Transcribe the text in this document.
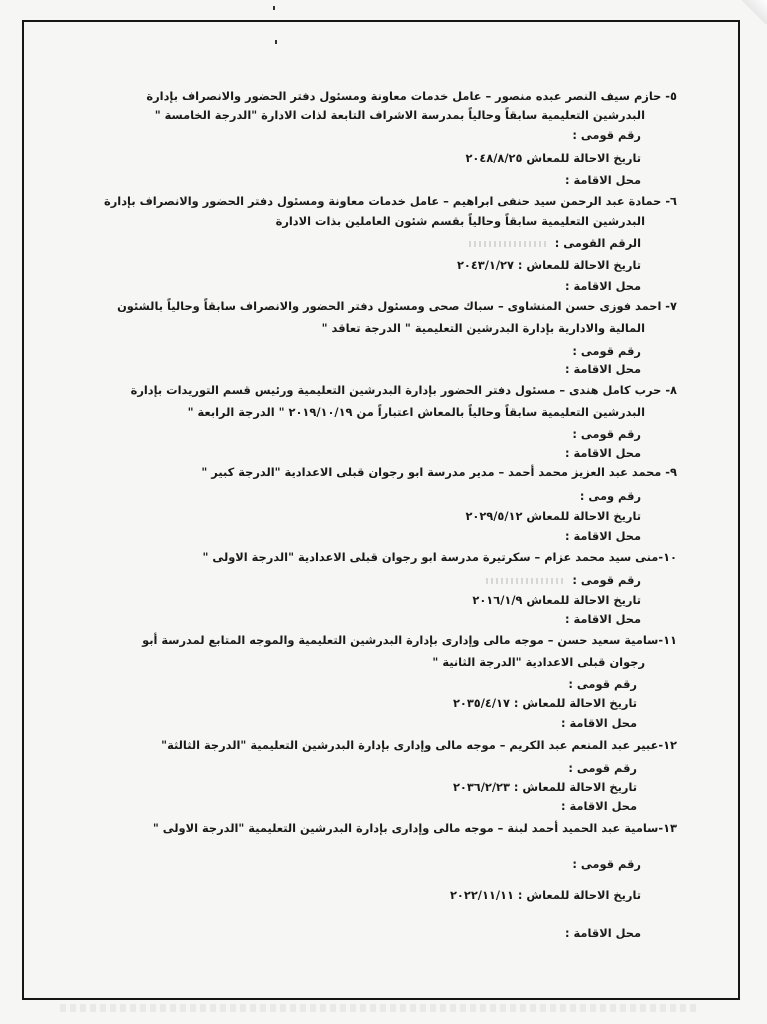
٥- حازم سيف النصر عبده منصور – عامل خدمات معاونة ومسئول دفتر الحضور والانصراف بإدارة
البدرشين التعليمية سابقاً وحالياً بمدرسة الاشراف التابعة لذات الادارة "الدرجة الخامسة "
رقم قومى :
تاريخ الاحالة للمعاش ٢٠٤٨/٨/٢٥
محل الاقامة :
٦- حمادة عبد الرحمن سيد حنفى ابراهيم – عامل خدمات معاونة ومسئول دفتر الحضور والانصراف بإدارة
البدرشين التعليمية سابقاً وحالياً بقسم شئون العاملين بذات الادارة
الرقم القومى :
تاريخ الاحالة للمعاش : ٢٠٤٣/١/٢٧
محل الاقامة :
٧- احمد فوزى حسن المنشاوى – سباك صحى ومسئول دفتر الحضور والانصراف سابقاً وحالياً بالشئون
المالية والادارية بإدارة البدرشين التعليمية " الدرجة تعاقد "
رقم قومى :
محل الاقامة :
٨- حرب كامل هندى – مسئول دفتر الحضور بإدارة البدرشين التعليمية ورئيس قسم التوريدات بإدارة
البدرشين التعليمية سابقاً وحالياً بالمعاش اعتباراً من ٢٠١٩/١٠/١٩ " الدرجة الرابعة "
رقم قومى :
محل الاقامة :
٩- محمد عبد العزيز محمد أحمد – مدير مدرسة ابو رجوان قبلى الاعدادية "الدرجة كبير "
رقم ومى :
تاريخ الاحالة للمعاش ٢٠٢٩/٥/١٢
محل الاقامة :
١٠-منى سيد محمد عزام – سكرتيرة مدرسة ابو رجوان قبلى الاعدادية "الدرجة الاولى "
رقم قومى :
تاريخ الاحالة للمعاش ٢٠١٦/١/٩
محل الاقامة :
١١-سامية سعيد حسن – موجه مالى وإدارى بإدارة البدرشين التعليمية والموجه المتابع لمدرسة أبو
رجوان قبلى الاعدادية "الدرجة الثانية "
رقم قومى :
تاريخ الاحالة للمعاش : ٢٠٣٥/٤/١٧
محل الاقامة :
١٢-عبير عبد المنعم عبد الكريم – موجه مالى وإدارى بإدارة البدرشين التعليمية "الدرجة الثالثة"
رقم قومى :
تاريخ الاحالة للمعاش : ٢٠٣٦/٢/٢٣
محل الاقامة :
١٣-سامية عبد الحميد أحمد لبنة – موجه مالى وإدارى بإدارة البدرشين التعليمية "الدرجة الاولى "
رقم قومى :
تاريخ الاحالة للمعاش : ٢٠٢٢/١١/١١
محل الاقامة :
